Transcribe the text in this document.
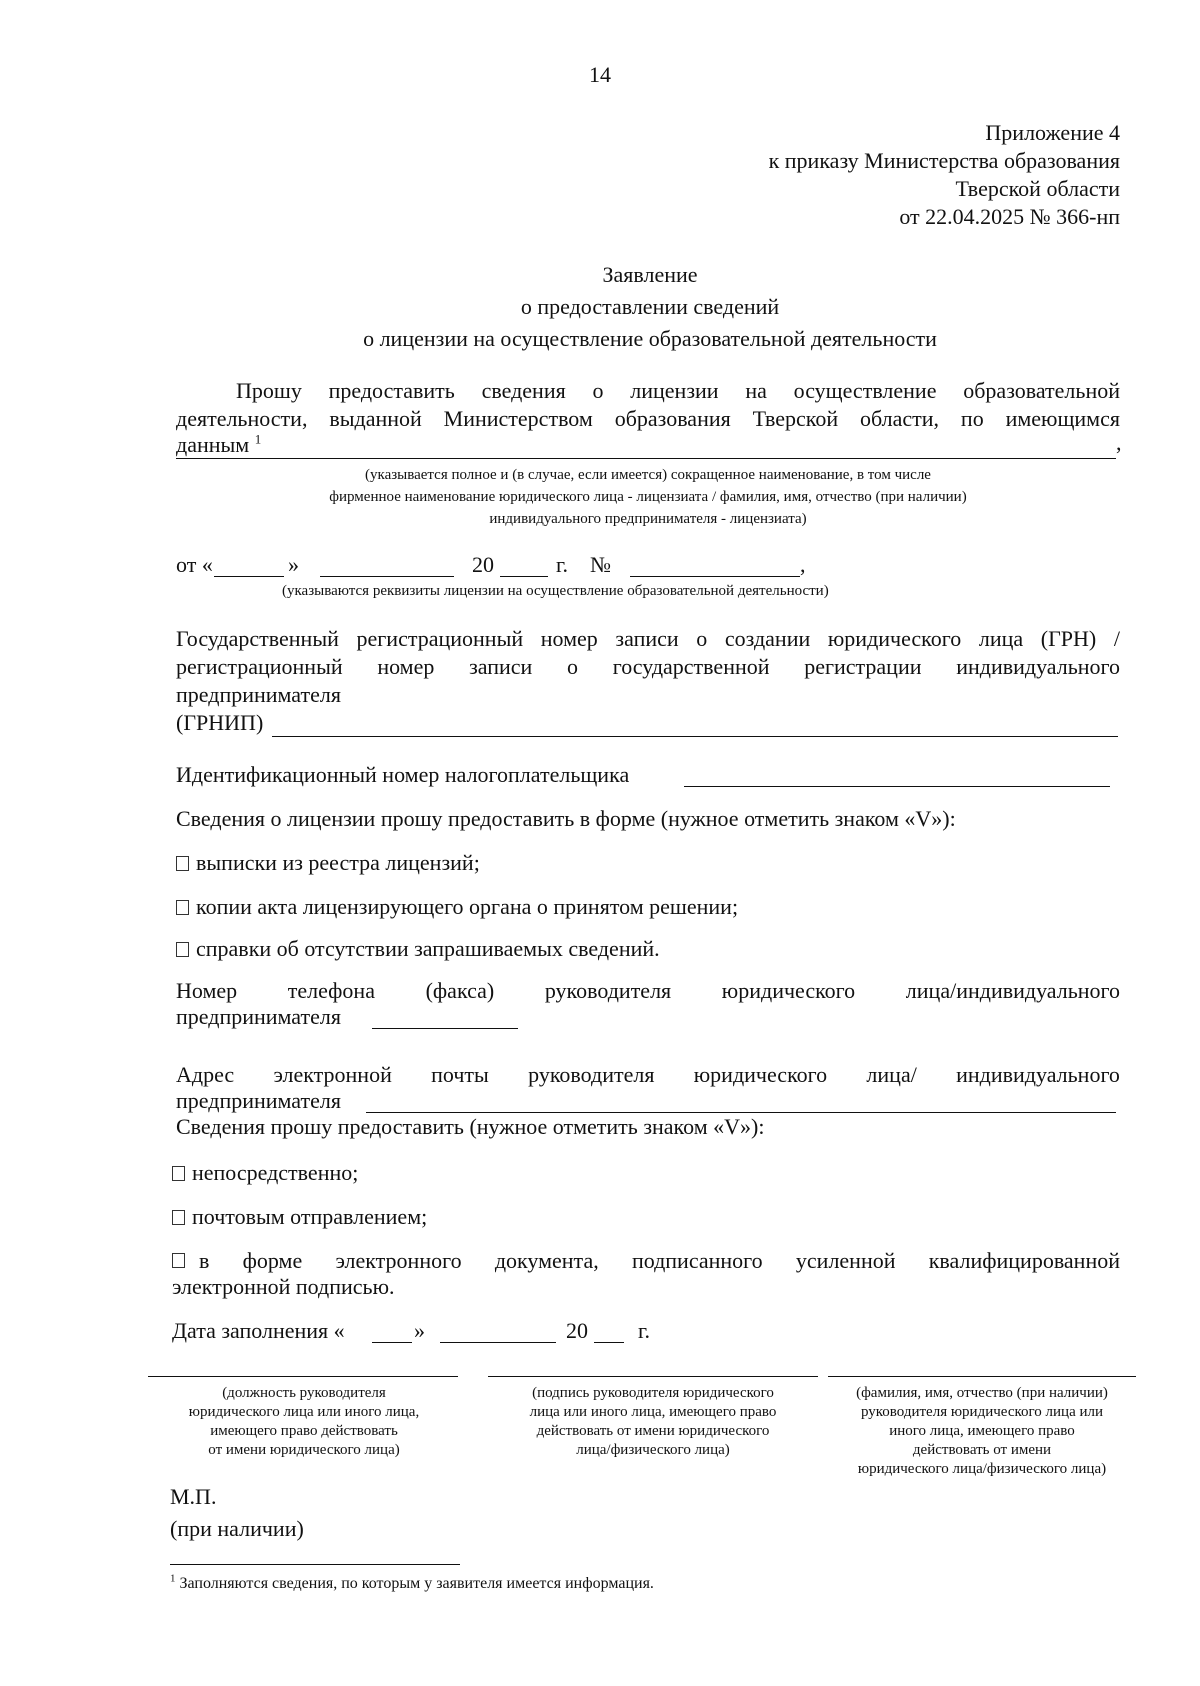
14
Приложение 4
к приказу Министерства образования
Тверской области
от 22.04.2025 № 366-нп
Заявление
о предоставлении сведений
о лицензии на осуществление образовательной деятельности
Прошу предоставить сведения о лицензии на осуществление образовательной
деятельности, выданной Министерством образования Тверской области, по имеющимся
данным $^1$	,
(указывается полное и (в случае, если имеется) сокращенное наименование, в том числе
фирменное наименование юридического лица - лицензиата / фамилия, имя, отчество (при наличии)
индивидуального предпринимателя - лицензиата)
от «	»	20	г. №	,
(указываются реквизиты лицензии на осуществление образовательной деятельности)
Государственный регистрационный номер записи о создании юридического лица (ГРН) /
регистрационный номер записи о государственной регистрации индивидуального
предпринимателя
(ГРНИП)
Идентификационный номер налогоплательщика
Сведения о лицензии прошу предоставить в форме (нужное отметить знаком «V»):
выписки из реестра лицензий;
копии акта лицензирующего органа о принятом решении;
справки об отсутствии запрашиваемых сведений.
Номер телефона (факса) руководителя юридического лица/индивидуального
предпринимателя
Адрес электронной почты руководителя юридического лица/ индивидуального
предпринимателя
Сведения прошу предоставить (нужное отметить знаком «V»):
непосредственно;
почтовым отправлением;
в форме электронного документа, подписанного усиленной квалифицированной
электронной подписью.
Дата заполнения «	»	20 г.
(должность руководителя
юридического лица или иного лица,
имеющего право действовать
от имени юридического лица)
(подпись руководителя юридического
лица или иного лица, имеющего право
действовать от имени юридического
лица/физического лица)
(фамилия, имя, отчество (при наличии)
руководителя юридического лица или
иного лица, имеющего право
действовать от имени
юридического лица/физического лица)
М.П.
(при наличии)
$^1$ Заполняются сведения, по которым у заявителя имеется информация.
